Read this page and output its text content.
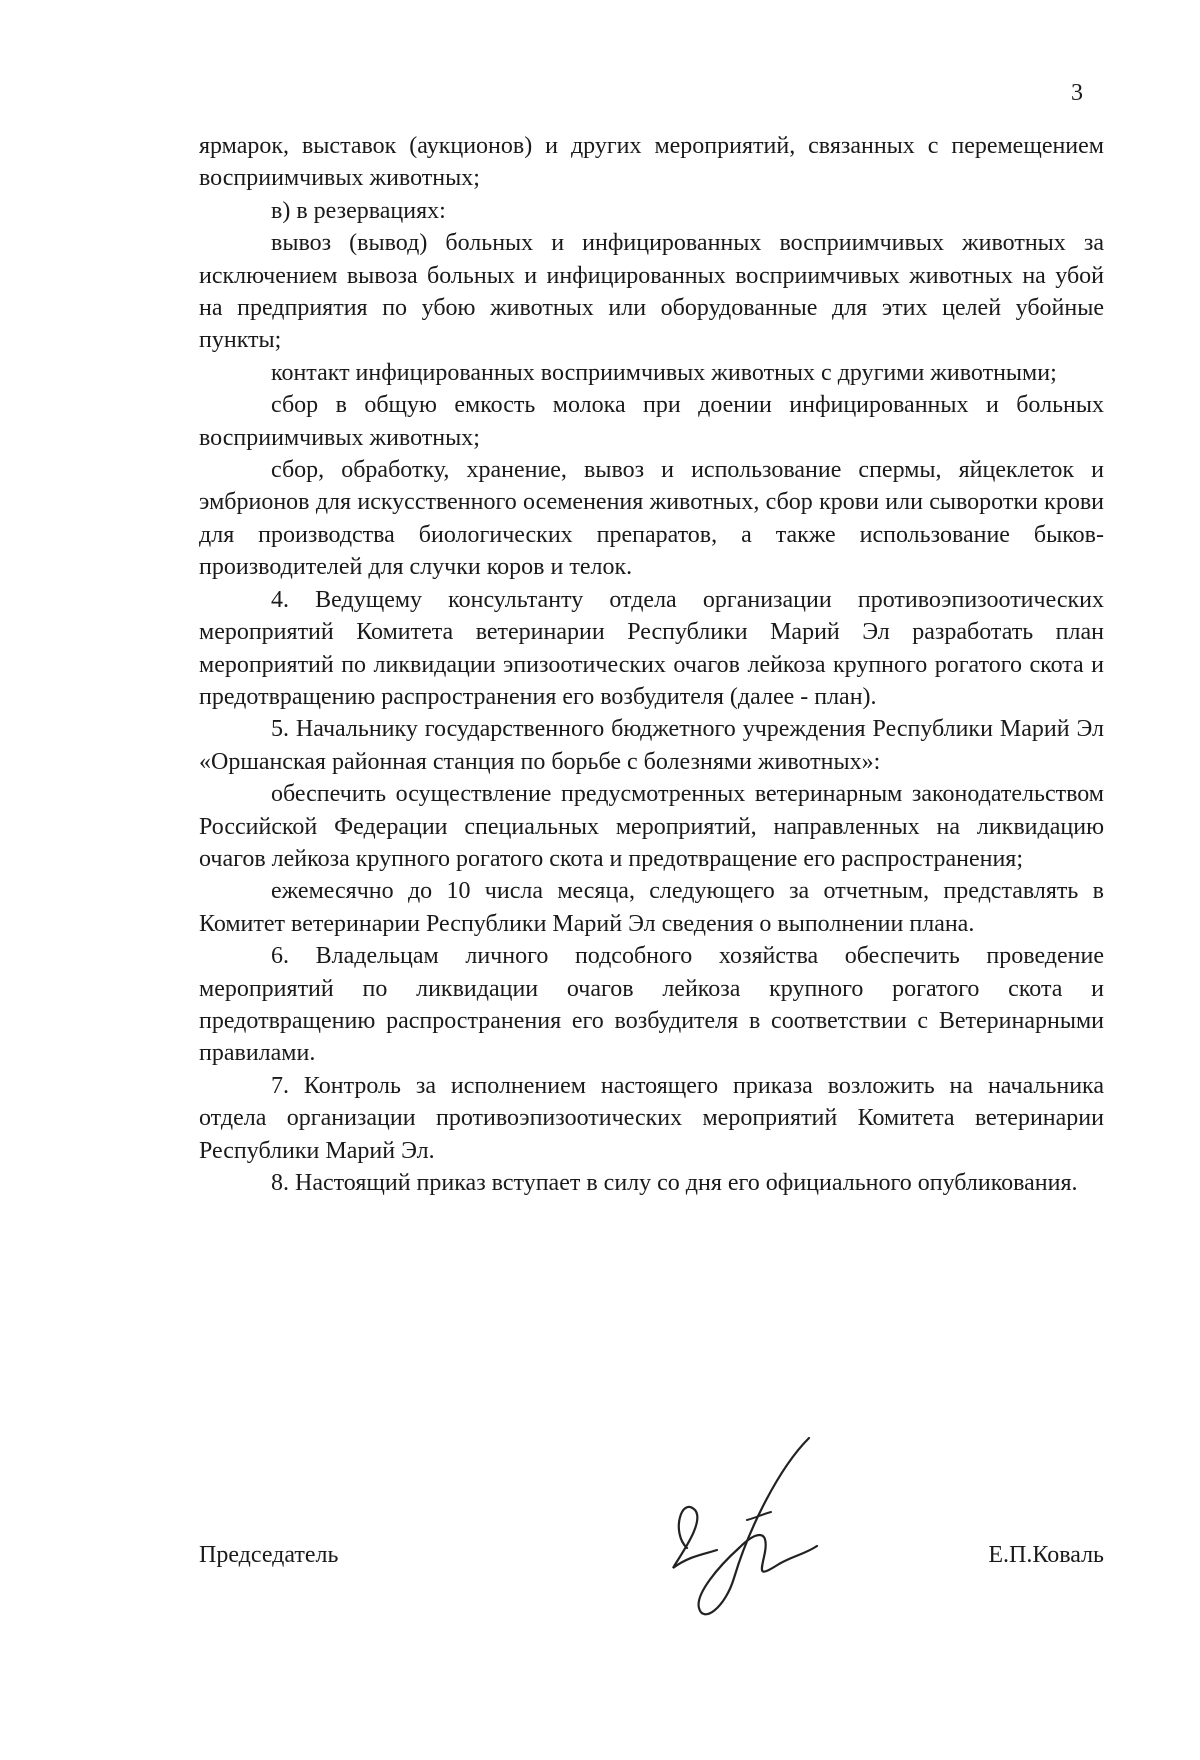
3

ярмарок, выставок (аукционов) и других мероприятий, связанных с перемещением восприимчивых животных;

в) в резервациях:

вывоз (вывод) больных и инфицированных восприимчивых животных за исключением вывоза больных и инфицированных восприимчивых животных на убой на предприятия по убою животных или оборудованные для этих целей убойные пункты;

контакт инфицированных восприимчивых животных с другими животными;

сбор в общую емкость молока при доении инфицированных и больных восприимчивых животных;

сбор, обработку, хранение, вывоз и использование спермы, яйцеклеток и эмбрионов для искусственного осеменения животных, сбор крови или сыворотки крови для производства биологических препаратов, а также использование быков-производителей для случки коров и телок.

4. Ведущему консультанту отдела организации противоэпизоотических мероприятий Комитета ветеринарии Республики Марий Эл разработать план мероприятий по ликвидации эпизоотических очагов лейкоза крупного рогатого скота и предотвращению распространения его возбудителя (далее - план).

5. Начальнику государственного бюджетного учреждения Республики Марий Эл «Оршанская районная станция по борьбе с болезнями животных»:

обеспечить осуществление предусмотренных ветеринарным законодательством Российской Федерации специальных мероприятий, направленных на ликвидацию очагов лейкоза крупного рогатого скота и предотвращение его распространения;

ежемесячно до 10 числа месяца, следующего за отчетным, представлять в Комитет ветеринарии Республики Марий Эл сведения о выполнении плана.

6. Владельцам личного подсобного хозяйства обеспечить проведение мероприятий по ликвидации очагов лейкоза крупного рогатого скота и предотвращению распространения его возбудителя в соответствии с Ветеринарными правилами.

7. Контроль за исполнением настоящего приказа возложить на начальника отдела организации противоэпизоотических мероприятий Комитета ветеринарии Республики Марий Эл.

8. Настоящий приказ вступает в силу со дня его официального опубликования.

Председатель	Е.П.Коваль
